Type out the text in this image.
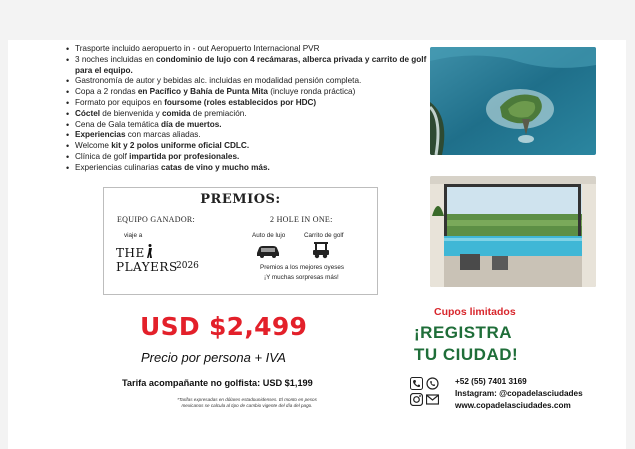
• Trasporte incluido aeropuerto in - out Aeropuerto Internacional PVR
• 3 noches incluidas en condominio de lujo con 4 recámaras, alberca privada y carrito de golf para el equipo.
• Gastronomía de autor y bebidas alc. incluidas en modalidad pensión completa.
• Copa a 2 rondas en Pacífico y Bahía de Punta Mita (incluye ronda práctica)
• Formato por equipos en foursome (roles establecidos por HDC)
• Cóctel de bienvenida y comida de premiación.
• Cena de Gala temática día de muertos.
• Experiencias con marcas aliadas.
• Welcome kit y 2 polos uniforme oficial CDLC.
• Clínica de golf impartida por profesionales.
• Experiencias culinarias catas de vino y mucho más.
PREMIOS:
EQUIPO GANADOR:
viaje a
THE PLAYERS
2026
2 HOLE IN ONE:
Auto de lujo	Carrito de golf
Premios a los mejores oyeses
¡Y muchas sorpresas más!
USD $2,499
Precio por persona + IVA
Tarifa acompañante no golfista: USD $1,199
*Tarifas expresadas en dólares estadounidenses. El monto en pesos
mexicanos se calcula al tipo de cambio vigente del día del pago.
Cupos limitados
¡REGISTRA
TU CIUDAD!
+52 (55) 7401 3169
Instagram: @copadelasciudades
www.copadelasciudades.com
